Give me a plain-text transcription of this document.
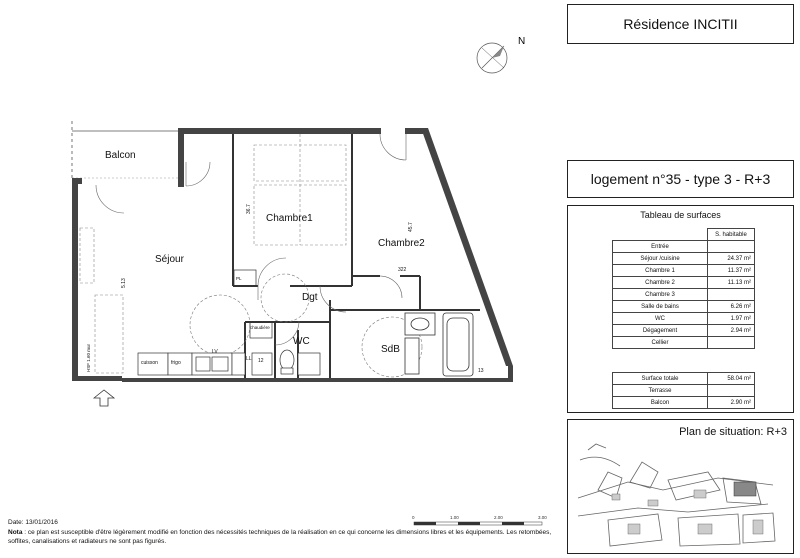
Résidence INCITII
logement n°35 - type 3 - R+3
Tableau de surfaces
	S. habitable
Entrée	
Séjour /cuisine	24.37 m²
Chambre 1	11.37 m²
Chambre 2	11.13 m²
Chambre 3	
Salle de bains	6.26 m²
WC	1.97 m²
Dégagement	2.94 m²
Cellier	
Surface totale	58.04 m²
Terrasse	
Balcon	2.90 m²
Plan de situation: R+3
N
Balcon
Séjour
Chambre1
Chambre2
Dgt
WC
SdB
cuisson	frigo
LV
chaudière
LL
PL
12
13
322
5.13
36.7
45.7
HSF 1.60 mur
0	1.00	2.00	3.00
Date: 13/01/2016
Nota : ce plan est susceptible d'être légèrement modifié en fonction des nécessités techniques de la réalisation en ce qui concerne les dimensions libres et les équipements. Les retombées, soffites, canalisations et radiateurs ne sont pas figurés.
